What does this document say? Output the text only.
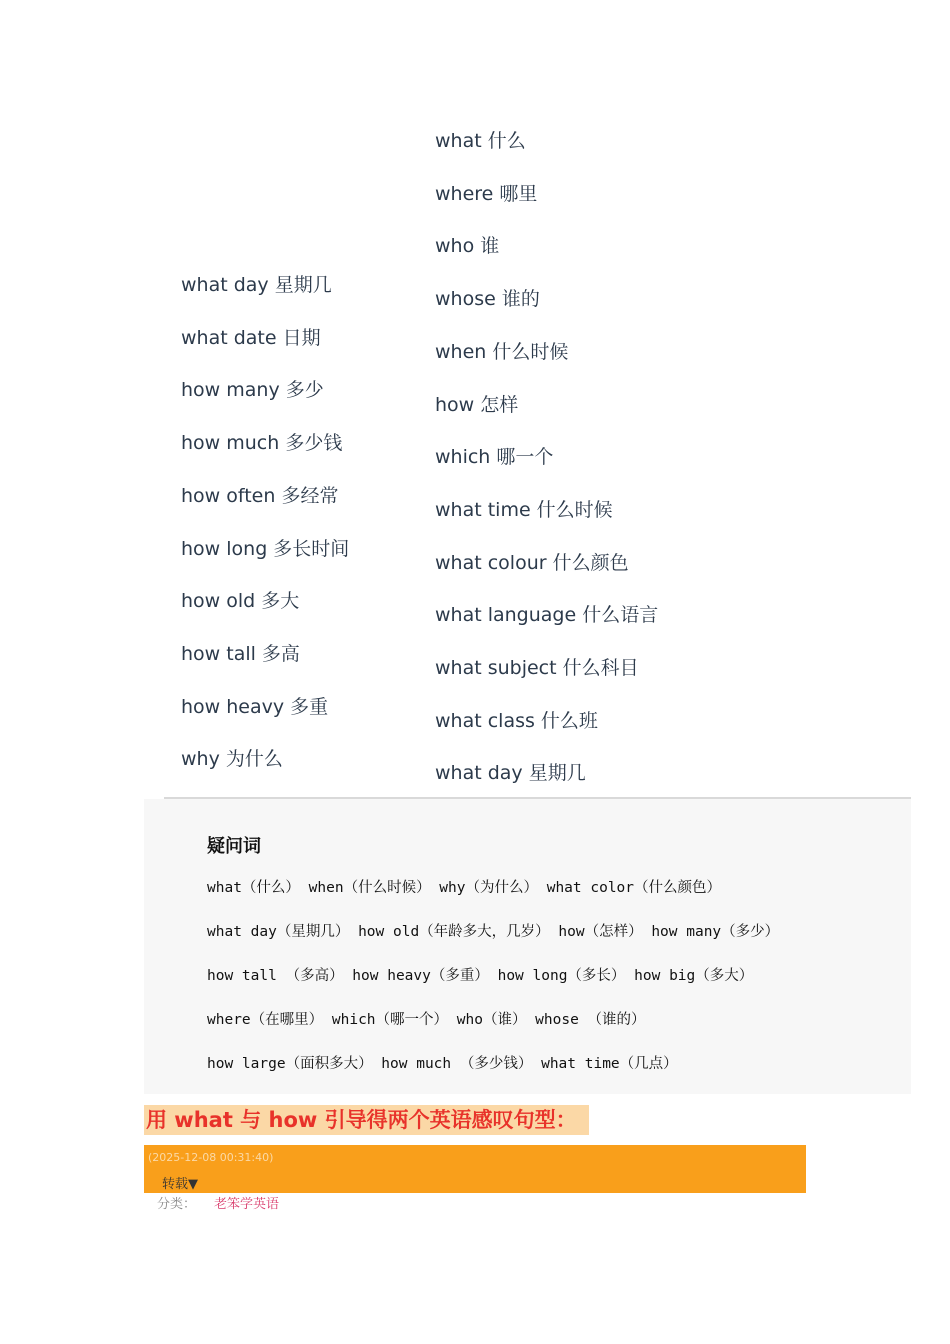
what day 星期几
what date 日期
how many 多少
how much 多少钱
how often 多经常
how long 多长时间
how old 多大
how tall 多高
how heavy 多重
why 为什么
what 什么
where 哪里
who 谁
whose 谁的
when 什么时候
how 怎样
which 哪一个
what time 什么时候
what colour 什么颜色
what language 什么语言
what subject 什么科目
what class 什么班
what day 星期几
疑问词
what（什么） when（什么时候） why（为什么） what color（什么颜色）
what day（星期几） how old（年龄多大，几岁） how（怎样） how many（多少）
how tall （多高） how heavy（多重） how long（多长） how big（多大）
where（在哪里） which（哪一个） who（谁） whose （谁的）
how large（面积多大） how much （多少钱） what time（几点）
用 what 与 how 引导得两个英语感叹句型：
(2025-12-08 00:31:40)
转载▼
分类： 老笨学英语
